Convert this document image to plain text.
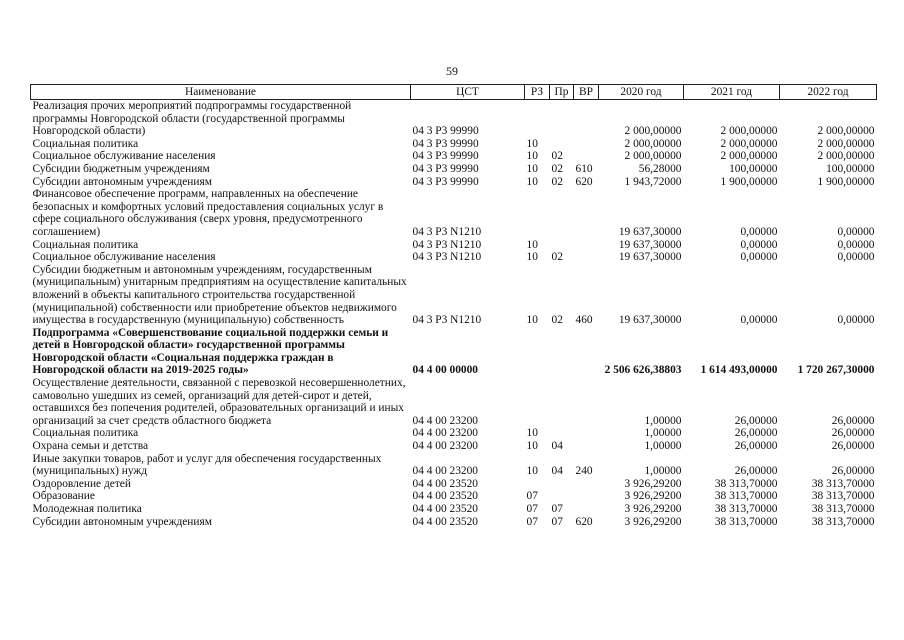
59
Наименование	ЦСТ	РЗ	Пр	ВР	2020 год	2021 год	2022 год
Реализация прочих мероприятий подпрограммы государственной программы Новгородской области (государственной программы Новгородской области)	04 3 P3 99990				2 000,00000	2 000,00000	2 000,00000
Социальная политика	04 3 P3 99990	10			2 000,00000	2 000,00000	2 000,00000
Социальное обслуживание населения	04 3 P3 99990	10	02		2 000,00000	2 000,00000	2 000,00000
Субсидии бюджетным учреждениям	04 3 P3 99990	10	02	610	56,28000	100,00000	100,00000
Субсидии автономным учреждениям	04 3 P3 99990	10	02	620	1 943,72000	1 900,00000	1 900,00000
Финансовое обеспечение программ, направленных на обеспечение безопасных и комфортных условий предоставления социальных услуг в сфере социального обслуживания (сверх уровня, предусмотренного соглашением)	04 3 P3 N1210				19 637,30000	0,00000	0,00000
Социальная политика	04 3 P3 N1210	10			19 637,30000	0,00000	0,00000
Социальное обслуживание населения	04 3 P3 N1210	10	02		19 637,30000	0,00000	0,00000
Субсидии бюджетным и автономным учреждениям, государственным (муниципальным) унитарным предприятиям на осуществление капитальных вложений в объекты капитального строительства государственной (муниципальной) собственности или приобретение объектов недвижимого имущества в государственную (муниципальную) собственность	04 3 P3 N1210	10	02	460	19 637,30000	0,00000	0,00000
Подпрограмма «Совершенствование социальной поддержки семьи и детей в Новгородской области» государственной программы Новгородской области «Социальная поддержка граждан в Новгородской области на 2019-2025 годы»	04 4 00 00000				2 506 626,38803	1 614 493,00000	1 720 267,30000
Осуществление деятельности, связанной с перевозкой несовершеннолетних, самовольно ушедших из семей, организаций для детей-сирот и детей, оставшихся без попечения родителей, образовательных организаций и иных организаций за счет средств областного бюджета	04 4 00 23200				1,00000	26,00000	26,00000
Социальная политика	04 4 00 23200	10			1,00000	26,00000	26,00000
Охрана семьи и детства	04 4 00 23200	10	04		1,00000	26,00000	26,00000
Иные закупки товаров, работ и услуг для обеспечения государственных (муниципальных) нужд	04 4 00 23200	10	04	240	1,00000	26,00000	26,00000
Оздоровление детей	04 4 00 23520				3 926,29200	38 313,70000	38 313,70000
Образование	04 4 00 23520	07			3 926,29200	38 313,70000	38 313,70000
Молодежная политика	04 4 00 23520	07	07		3 926,29200	38 313,70000	38 313,70000
Субсидии автономным учреждениям	04 4 00 23520	07	07	620	3 926,29200	38 313,70000	38 313,70000
